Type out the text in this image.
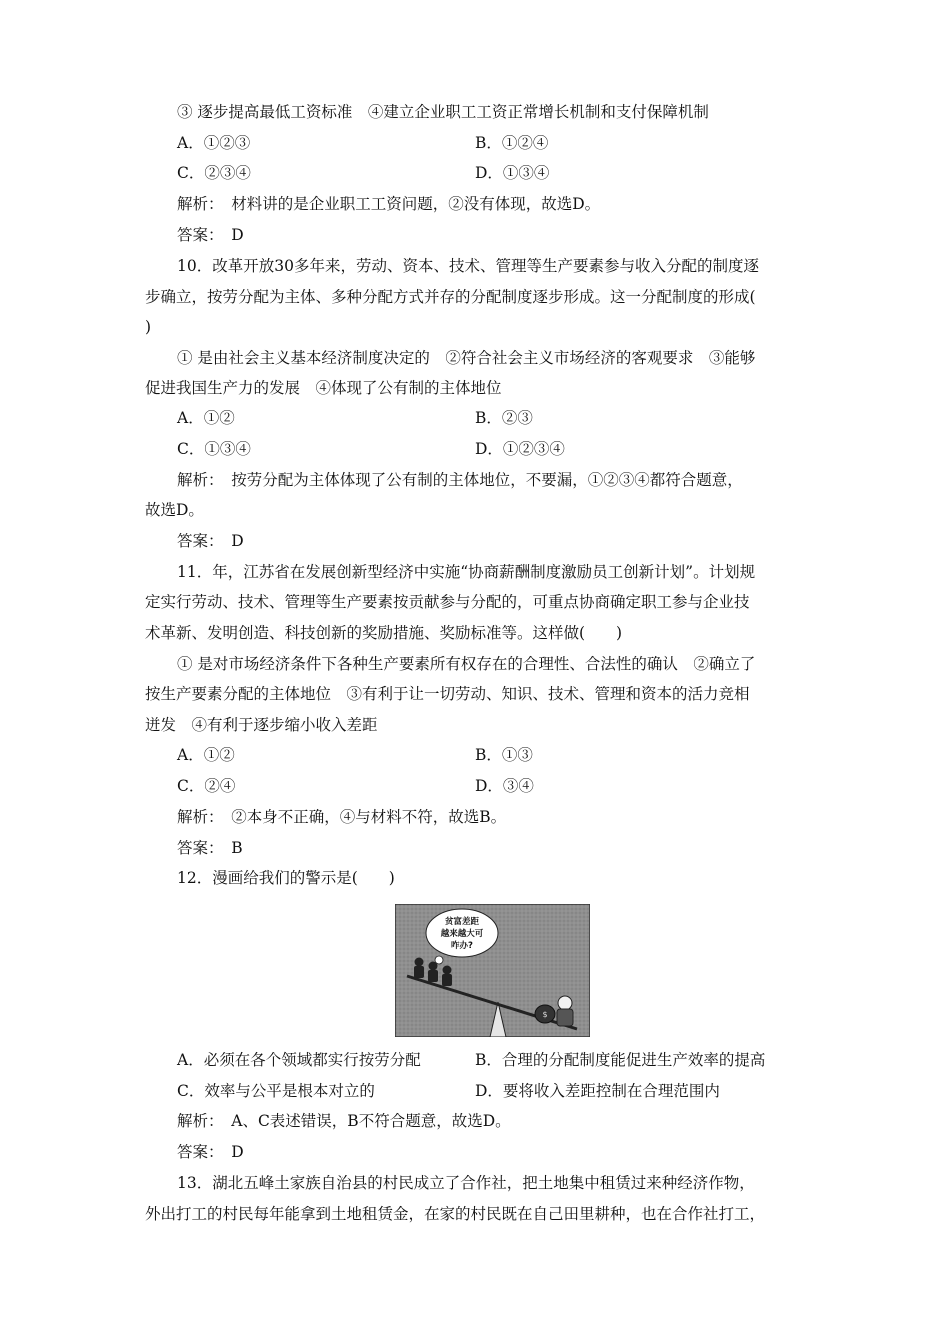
③ 逐步提高最低工资标准　④建立企业职工工资正常增长机制和支付保障机制
A．①②③	B．①②④
C．②③④	D．①③④
解析：　材料讲的是企业职工工资问题，②没有体现，故选D。
答案：　D
10．改革开放30多年来，劳动、资本、技术、管理等生产要素参与收入分配的制度逐
步确立，按劳分配为主体、多种分配方式并存的分配制度逐步形成。这一分配制度的形成(
)
① 是由社会主义基本经济制度决定的　②符合社会主义市场经济的客观要求　③能够
促进我国生产力的发展　④体现了公有制的主体地位
A．①②	B．②③
C．①③④	D．①②③④
解析：　按劳分配为主体体现了公有制的主体地位，不要漏，①②③④都符合题意，
故选D。
答案：　D
11．年，江苏省在发展创新型经济中实施“协商薪酬制度激励员工创新计划”。计划规
定实行劳动、技术、管理等生产要素按贡献参与分配的，可重点协商确定职工参与企业技
术革新、发明创造、科技创新的奖励措施、奖励标准等。这样做(　　)
① 是对市场经济条件下各种生产要素所有权存在的合理性、合法性的确认　②确立了
按生产要素分配的主体地位　③有利于让一切劳动、知识、技术、管理和资本的活力竞相
迸发　④有利于逐步缩小收入差距
A．①②	B．①③
C．②④	D．③④
解析：　②本身不正确，④与材料不符，故选B。
答案：　B
12．漫画给我们的警示是(　　)
贫富差距
越来越大可
咋办?
$
A．必须在各个领域都实行按劳分配	B．合理的分配制度能促进生产效率的提高
C．效率与公平是根本对立的	D．要将收入差距控制在合理范围内
解析：　A、C表述错误，B不符合题意，故选D。
答案：　D
13．湖北五峰土家族自治县的村民成立了合作社，把土地集中租赁过来种经济作物，
外出打工的村民每年能拿到土地租赁金，在家的村民既在自己田里耕种，也在合作社打工，
